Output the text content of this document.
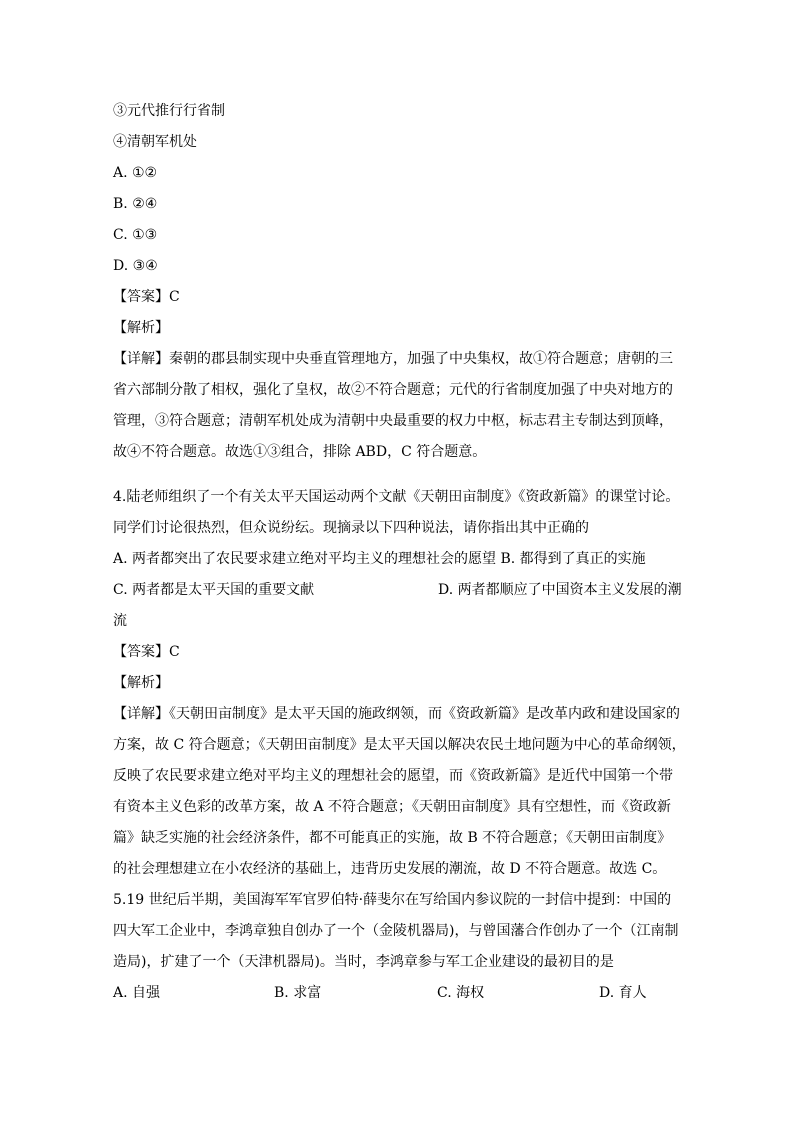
③元代推行行省制
④清朝军机处
A. ①②
B. ②④
C. ①③
D. ③④
【答案】C
【解析】
【详解】秦朝的郡县制实现中央垂直管理地方，加强了中央集权，故①符合题意；唐朝的三
省六部制分散了相权，强化了皇权，故②不符合题意；元代的行省制度加强了中央对地方的
管理，③符合题意；清朝军机处成为清朝中央最重要的权力中枢，标志君主专制达到顶峰，
故④不符合题意。故选①③组合，排除 ABD，C 符合题意。
4.陆老师组织了一个有关太平天国运动两个文献《天朝田亩制度》《资政新篇》的课堂讨论。
同学们讨论很热烈，但众说纷纭。现摘录以下四种说法，请你指出其中正确的
A. 两者都突出了农民要求建立绝对平均主义的理想社会的愿望 B. 都得到了真正的实施
C. 两者都是太平天国的重要文献	D. 两者都顺应了中国资本主义发展的潮
流
【答案】C
【解析】
【详解】《天朝田亩制度》是太平天国的施政纲领，而《资政新篇》是改革内政和建设国家的
方案，故 C 符合题意；《天朝田亩制度》是太平天国以解决农民土地问题为中心的革命纲领，
反映了农民要求建立绝对平均主义的理想社会的愿望，而《资政新篇》是近代中国第一个带
有资本主义色彩的改革方案，故 A 不符合题意；《天朝田亩制度》具有空想性，而《资政新
篇》缺乏实施的社会经济条件，都不可能真正的实施，故 B 不符合题意；《天朝田亩制度》
的社会理想建立在小农经济的基础上，违背历史发展的潮流，故 D 不符合题意。故选 C。
5.19 世纪后半期，美国海军军官罗伯特·薛斐尔在写给国内参议院的一封信中提到：中国的
四大军工企业中，李鸿章独自创办了一个（金陵机器局)，与曾国藩合作创办了一个（江南制
造局)，扩建了一个（天津机器局)。当时，李鸿章参与军工企业建设的最初目的是
A. 自强	B. 求富	C. 海权	D. 育人
